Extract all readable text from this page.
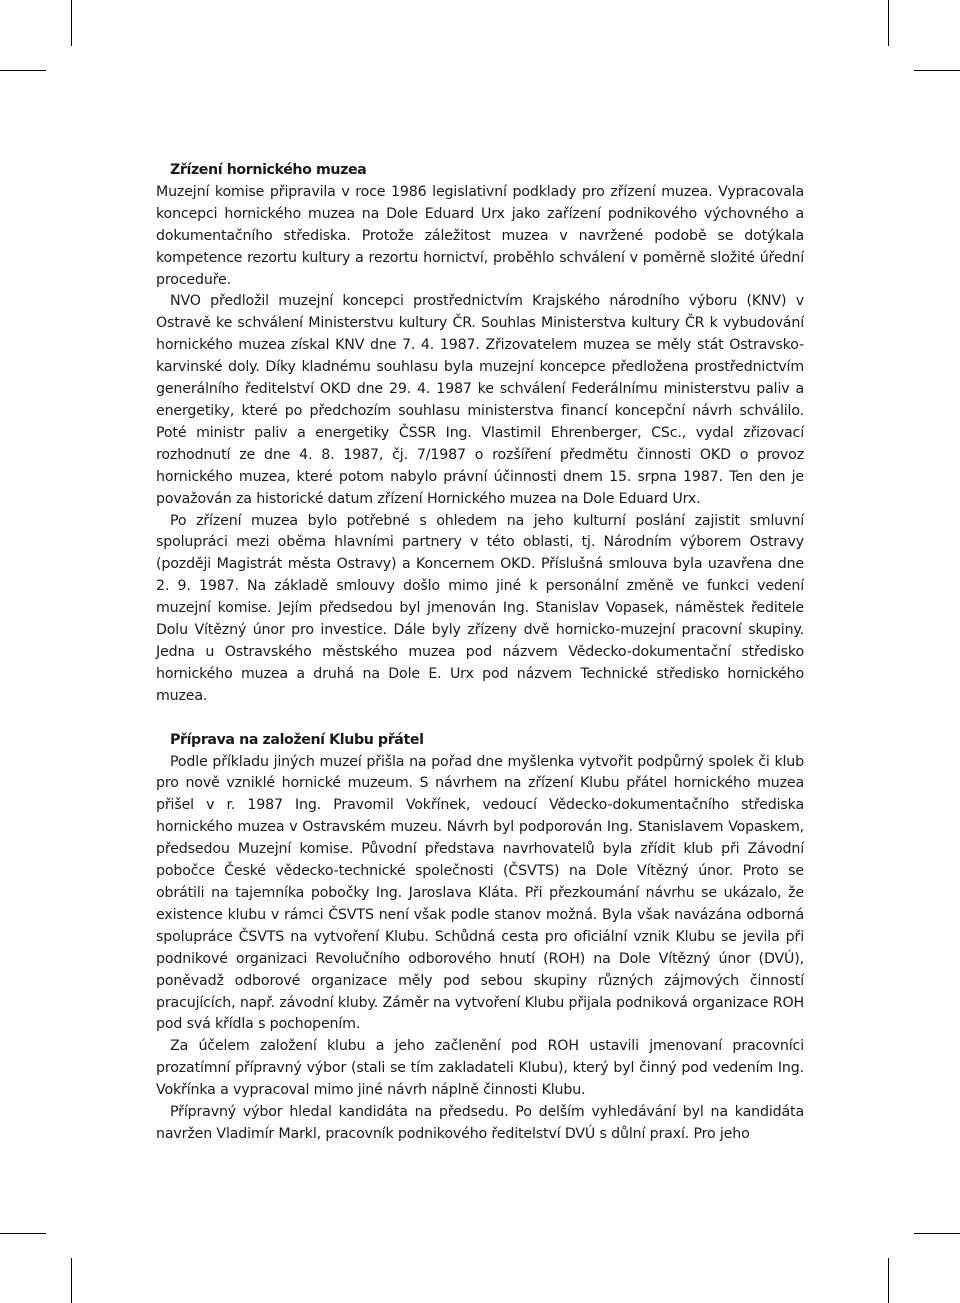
Zřízení hornického muzea

Muzejní komise připravila v roce 1986 legislativní podklady pro zřízení muzea. Vypracovala koncepci hornického muzea na Dole Eduard Urx jako zařízení podnikového výchovného a dokumentačního střediska. Protože záležitost muzea v navržené podobě se dotýkala kompetence rezortu kultury a rezortu hornictví, proběhlo schválení v poměrně složité úřední proceduře.

NVO předložil muzejní koncepci prostřednictvím Krajského národního výboru (KNV) v Ostravě ke schválení Ministerstvu kultury ČR. Souhlas Ministerstva kultury ČR k vybudování hornického muzea získal KNV dne 7. 4. 1987. Zřizovatelem muzea se měly stát Ostravsko-karvinské doly. Díky kladnému souhlasu byla muzejní koncepce předložena prostřednictvím generálního ředitelství OKD dne 29. 4. 1987 ke schválení Federálnímu ministerstvu paliv a energetiky, které po předchozím souhlasu ministerstva financí koncepční návrh schválilo. Poté ministr paliv a energetiky ČSSR Ing. Vlastimil Ehrenberger, CSc., vydal zřizovací rozhodnutí ze dne 4. 8. 1987, čj. 7/1987 o rozšíření předmětu činnosti OKD o provoz hornického muzea, které potom nabylo právní účinnosti dnem 15. srpna 1987. Ten den je považován za historické datum zřízení Hornického muzea na Dole Eduard Urx.

Po zřízení muzea bylo potřebné s ohledem na jeho kulturní poslání zajistit smluvní spolupráci mezi oběma hlavními partnery v této oblasti, tj. Národním výborem Ostravy (později Magistrát města Ostravy) a Koncernem OKD. Příslušná smlouva byla uzavřena dne 2. 9. 1987. Na základě smlouvy došlo mimo jiné k personální změně ve funkci vedení muzejní komise. Jejím předsedou byl jmenován Ing. Stanislav Vopasek, náměstek ředitele Dolu Vítězný únor pro investice. Dále byly zřízeny dvě hornicko-muzejní pracovní skupiny. Jedna u Ostravského městského muzea pod názvem Vědecko-dokumentační středisko hornického muzea a druhá na Dole E. Urx pod názvem Technické středisko hornického muzea.

Příprava na založení Klubu přátel

Podle příkladu jiných muzeí přišla na pořad dne myšlenka vytvořit podpůrný spolek či klub pro nově vzniklé hornické muzeum. S návrhem na zřízení Klubu přátel hornického muzea přišel v r. 1987 Ing. Pravomil Vokřínek, vedoucí Vědecko-dokumentačního střediska hornického muzea v Ostravském muzeu. Návrh byl podporován Ing. Stanislavem Vopaskem, předsedou Muzejní komise. Původní představa navrhovatelů byla zřídit klub při Závodní pobočce České vědecko-technické společnosti (ČSVTS) na Dole Vítězný únor. Proto se obrátili na tajemníka pobočky Ing. Jaroslava Kláta. Při přezkoumání návrhu se ukázalo, že existence klubu v rámci ČSVTS není však podle stanov možná. Byla však navázána odborná spolupráce ČSVTS na vytvoření Klubu. Schůdná cesta pro oficiální vznik Klubu se jevila při podnikové organizaci Revolučního odborového hnutí (ROH) na Dole Vítězný únor (DVÚ), poněvadž odborové organizace měly pod sebou skupiny různých zájmových činností pracujících, např. závodní kluby. Záměr na vytvoření Klubu přijala podniková organizace ROH pod svá křídla s pochopením.

Za účelem založení klubu a jeho začlenění pod ROH ustavili jmenovaní pracovníci prozatímní přípravný výbor (stali se tím zakladateli Klubu), který byl činný pod vedením Ing. Vokřínka a vypracoval mimo jiné návrh náplně činnosti Klubu.

Přípravný výbor hledal kandidáta na předsedu. Po delším vyhledávání byl na kandidáta navržen Vladimír Markl, pracovník podnikového ředitelství DVÚ s důlní praxí. Pro jeho
